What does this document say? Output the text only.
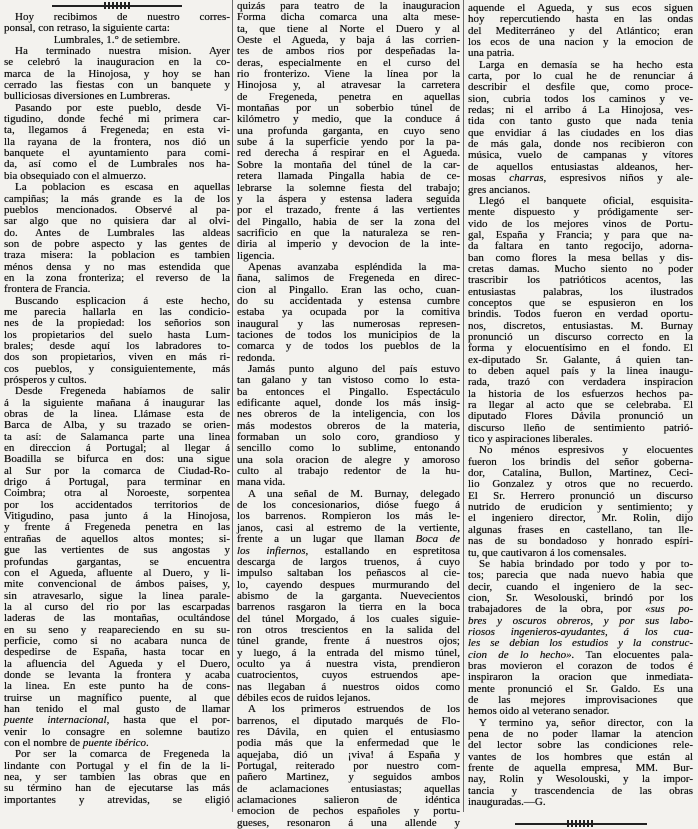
Hoy recibimos de nuestro corres-
ponsal, con retraso, la siguiente carta:
Lumbrales, 1.° de setiembre.
Ha terminado nuestra mision. Ayer
se celebró la inauguracion en la co-
marca de la Hinojosa, y hoy se han
cerrado las fiestas con un banquete y
bulliciosas diversiones en Lumbreras.
Pasando por este pueblo, desde Vi-
tigudino, donde feché mi primera car-
ta, llegamos á Fregeneda; en esta vi-
lla rayana de la frontera, nos dió un
banquete el ayuntamiento para comi-
da, así como el de Lumbrales nos ha-
bia obsequiado con el almuerzo.
La poblacion es escasa en aquellas
campiñas; la más grande es la de los
pueblos mencionados. Observé al pa-
sar algo que no quisiera dar al olvi-
do. Antes de Lumbrales las aldeas
son de pobre aspecto y las gentes de
traza misera: la poblacion es tambien
ménos densa y no mas estendida que
en la zona fronteriza; el reverso de la
frontera de Francia.
Buscando esplicacion á este hecho,
me parecia hallarla en las condicio-
nes de la propiedad: los señorios son
los propietarios del suelo hasta Lum-
brales; desde aquí los labradores to-
dos son propietarios, viven en más ri-
cos pueblos, y consiguientemente, más
prósperos y cultos.
Desde Fregeneda habíamos de salir
á la siguiente mañana á inaugurar las
obras de la linea. Llámase esta de
Barca de Alba, y su trazado se orien-
ta así: de Salamanca parte una linea
en direccion á Portugal; al llegar á
Boadilla se bifurca en dos: una sigue
al Sur por la comarca de Ciudad-Ro-
drigo á Portugal, para terminar en
Coimbra; otra al Noroeste, sorpentea
por los accidentados territorios de
Vitigudino, pasa junto á la Hinojosa,
y frente á Fregeneda penetra en las
entrañas de aquellos altos montes; si-
gue las vertientes de sus angostas y
profundas gargantas, se encuentra
con el Agueda, afluente al Duero, y li-
mite convencional de ámbos paises, y,
sin atravesarlo, sigue la linea parale-
la al curso del rio por las escarpadas
laderas de las montañas, ocultándose
en su seno y reapareciendo en su su-
perficie, como si no acabara nunca de
despedirse de España, hasta tocar en
la afluencia del Agueda y el Duero,
donde se levanta la frontera y acaba
la linea. En este punto ha de cons-
truirse un magnífico puente, al que
han tenido el mal gusto de llamar
puente internacional, hasta que el por-
venir lo consagre en solemne bautizo
con el nombre de puente ibérico.
Por ser la comarca de Fregeneda la
lindante con Portugal y el fin de la li-
nea, y ser tambien las obras que en
su término han de ejecutarse las más
importantes y atrevidas, se eligió
quizás para teatro de la inauguracion
Forma dicha comarca una alta mese-
ta, que tiene al Norte el Duero y al
Oeste el Agueda, y baja á las corrien-
tes de ambos rios por despeñadas la-
deras, especialmente en el curso del
rio fronterizo. Viene la línea por la
Hinojosa y, al atravesar la carretera
de Fregeneda, penetra en aquellas
montañas por un soberbio túnel de
kilómetro y medio, que la conduce á
una profunda garganta, en cuyo seno
sube á la superficie yendo por la pa-
red derecha á respirar en el Agueda.
Sobre la montaña del túnel de la car-
retera llamada Pingalla habia de ce-
lebrarse la solemne fiesta del trabajo;
y la áspera y estensa ladera seguida
por el trazado, frente á las vertientes
del Pingallo, habia de ser la zona del
sacrificio en que la naturaleza se ren-
diria al imperio y devocion de la inte-
ligencia.
Apenas avanzaba espléndida la ma-
ñana, salimos de Fregeneda en direc-
cion al Pingallo. Eran las ocho, cuan-
do su accidentada y estensa cumbre
estaba ya ocupada por la comitiva
inaugural y las numerosas represen-
taciones de todos los municipios de la
comarca y de todos los pueblos de la
redonda.
Jamás punto alguno del país estuvo
tan galano y tan vistoso como lo esta-
ba entonces el Pingallo. Espectáculo
edificante aquel, donde los más insig-
nes obreros de la inteligencia, con los
más modestos obreros de la materia,
formaban un solo coro, grandioso y
sencillo como lo sublime, entonando
una sola oracion de alegre y amoroso
culto al trabajo redentor de la hu-
mana vida.
A una señal de M. Burnay, delegado
de los concesionarios, dióse fuego á
los barrenos. Rompieron los más le-
janos, casi al estremo de la vertiente,
frente a un lugar que llaman Boca de
los infiernos, estallando en espretitosa
descarga de largos truenos, á cuyo
impulso saltaban los peñascos al cie-
lo, cayendo despues murmurando del
abismo de la garganta. Nuevecientos
barrenos rasgaron la tierra en la boca
del túnel Morgado, á los cuales siguie-
ron otros trescientos en la salida del
túnel grande, frente á nuestros ojos;
y luego, á la entrada del mismo túnel,
oculto ya á nuestra vista, prendieron
cuatrocientos, cuyos estruendos ape-
nas llegaban á nuestros oidos como
débiles ecos de ruidos lejanos.
A los primeros estruendos de los
barrenos, el diputado marqués de Flo-
res Dávila, en quien el entusiasmo
podia más que la enfermedad que le
aquejaba, dió un ¡viva! á España y
Portugal, reiterado por nuestro com-
pañero Martinez, y seguidos ambos
de aclamaciones entusiastas; aquellas
aclamaciones salieron de idéntica
emocion de pechos españoles y portu-
gueses, resonaron á una allende y
aquende el Agueda, y sus ecos siguen
hoy repercutiendo hasta en las ondas
del Mediterráneo y del Atlántico; eran
los ecos de una nacion y la emocion de
una patria.
Larga en demasía se ha hecho esta
carta, por lo cual he de renunciar á
describir el desfile que, como proce-
sion, cubria todos los caminos y ve-
redas; ni el arribo á La Hinojosa, ves-
tida con tanto gusto que nada tenia
que envidiar á las ciudades en los dias
de más gala, donde nos recibieron con
música, vuelo de campanas y vítores
de aquellos entusiastas aldeanos, her-
mosas charras, espresivos niños y ale-
gres ancianos.
Llegó el banquete oficial, esquisita-
mente dispuesto y pródigamente ser-
vido de los mejores vinos de Portu-
gal, España y Francia; y para que na-
da faltara en tanto regocijo, adorna-
ban como flores la mesa bellas y dis-
cretas damas. Mucho siento no poder
trascribir los patrióticos acentos, las
entusiastas palabras, los ilustrados
conceptos que se espusieron en los
brindis. Todos fueron en verdad oportu-
nos, discretos, entusiastas. M. Burnay
pronunció un discurso correcto en la
forma y elocuentísimo en el fondo. El
ex-diputado Sr. Galante, á quien tan-
to deben aquel país y la linea inaugu-
rada, trazó con verdadera inspiracion
la historia de los esfuerzos hechos pa-
ra llegar al acto que se celebraba. El
diputado Flores Dávila pronunció un
discurso lleño de sentimiento patrió-
tico y aspiraciones liberales.
No ménos espresivos y elocuentes
fueron los brindis del señor goberna-
dor, Catalina, Bullon, Martinez, Ceci-
lio Gonzalez y otros que no recuerdo.
El Sr. Herrero pronunció un discurso
nutrido de erudicion y sentimiento; y
el ingeniero director, Mr. Rolin, dijo
algunas frases en castellano, tan lle-
nas de su bondadoso y honrado espíri-
tu, que cautivaron á los comensales.
Se habia brindado por todo y por to-
tos; parecia que nada nuevo habia que
decir, cuando el ingeniero de la sec-
cion, Sr. Wesolouski, brindó por los
trabajadores de la obra, por «sus po-
bres y oscuros obreros, y por sus labo-
riosos ingenieros-ayudantes, á los cua-
les se debian los estudios y la construc-
cion de lo hecho». Tan elocuentes pala-
bras movieron el corazon de todos é
inspiraron la oracion que inmediata-
mente pronunció el Sr. Galdo. Es una
de las mejores improvisaciones que
hemos oido al veterano senador.
Y termino ya, señor director, con la
pena de no poder llamar la atencion
del lector sobre las condiciones rele-
vantes de los hombres que están al
frente de aquella empresa, MM. Bur-
nay, Rolin y Wesolouski, y la impor-
tancia y trascendencia de las obras
inauguradas.—G.
